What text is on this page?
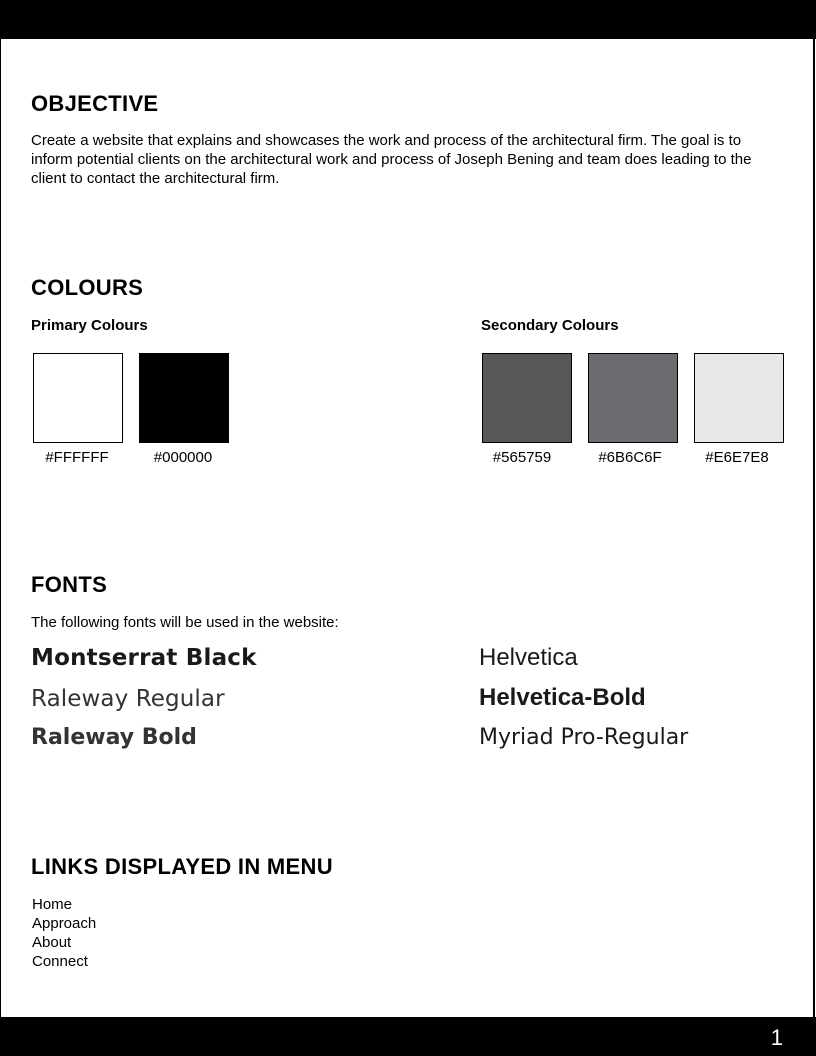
OBJECTIVE

Create a website that explains and showcases the work and process of the architectural firm. The goal is to inform potential clients on the architectural work and process of Joseph Bening and team does leading to the client to contact the architectural firm.

COLOURS

Primary Colours	Secondary Colours

#FFFFFF	#000000	#565759	#6B6C6F	#E6E7E8
FONTS

The following fonts will be used in the website:

Montserrat Black

Raleway Regular

Raleway Bold

Helvetica

Helvetica-Bold

Myriad Pro-Regular

LINKS DISPLAYED IN MENU
Home
Approach
About
Connect
1
